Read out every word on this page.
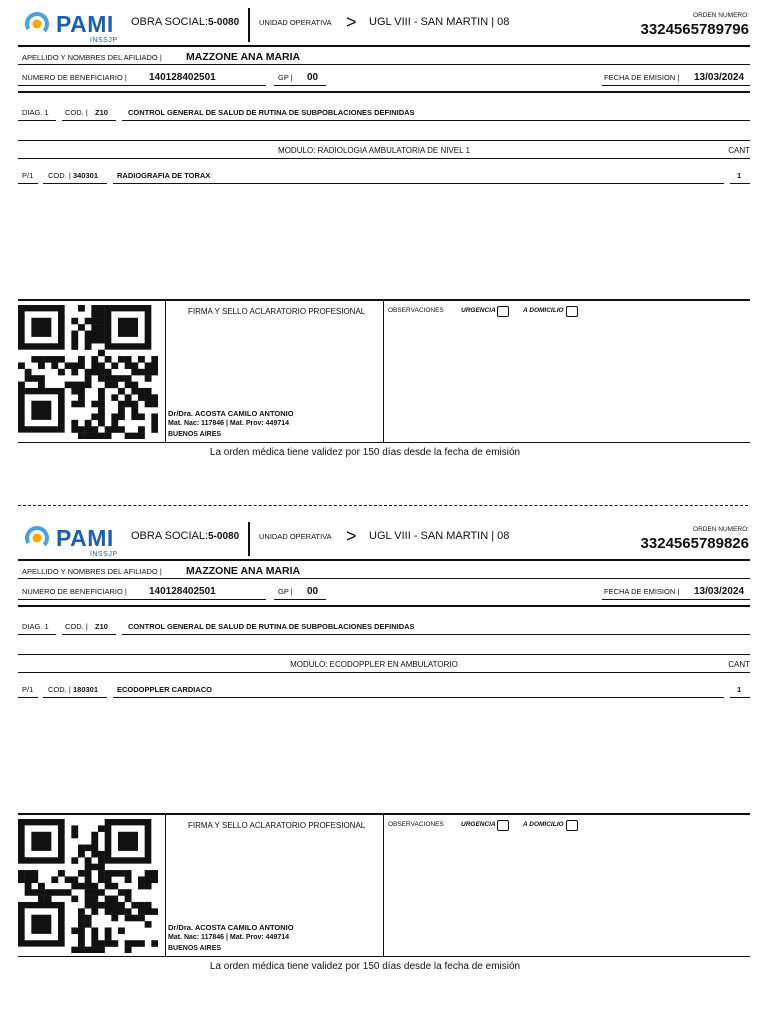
PAMI
INSSJP
OBRA SOCIAL: 5-0080	UNIDAD OPERATIVA > UGL VIII - SAN MARTIN | 08
ORDEN NUMERO:
3324565789796
APELLIDO Y NOMBRES DEL AFILIADO | MAZZONE ANA MARIA
NUMERO DE BENEFICIARIO | 140128402501	GP | 00	FECHA DE EMISION | 13/03/2024
DIAG. 1 COD. | Z10	CONTROL GENERAL DE SALUD DE RUTINA DE SUBPOBLACIONES DEFINIDAS
MODULO: RADIOLOGIA AMBULATORIA DE NIVEL 1	CANT
P/1 COD. | 340301	RADIOGRAFIA DE TORAX	1
FIRMA Y SELLO ACLARATORIO PROFESIONAL
Dr/Dra. ACOSTA CAMILO ANTONIO
Mat. Nac: 117846 | Mat. Prov: 449714
BUENOS AIRES
OBSERVACIONES	URGENCIA	A DOMICILIO
La orden médica tiene validez por 150 días desde la fecha de emisión
PAMI
INSSJP
OBRA SOCIAL: 5-0080	UNIDAD OPERATIVA > UGL VIII - SAN MARTIN | 08
ORDEN NUMERO:
3324565789826
APELLIDO Y NOMBRES DEL AFILIADO | MAZZONE ANA MARIA
NUMERO DE BENEFICIARIO | 140128402501	GP | 00	FECHA DE EMISION | 13/03/2024
DIAG. 1 COD. | Z10	CONTROL GENERAL DE SALUD DE RUTINA DE SUBPOBLACIONES DEFINIDAS
MODULO: ECODOPPLER EN AMBULATORIO	CANT
P/1 COD. | 180301	ECODOPPLER CARDIACO	1
FIRMA Y SELLO ACLARATORIO PROFESIONAL
Dr/Dra. ACOSTA CAMILO ANTONIO
Mat. Nac: 117846 | Mat. Prov: 449714
BUENOS AIRES
OBSERVACIONES	URGENCIA	A DOMICILIO
La orden médica tiene validez por 150 días desde la fecha de emisión
